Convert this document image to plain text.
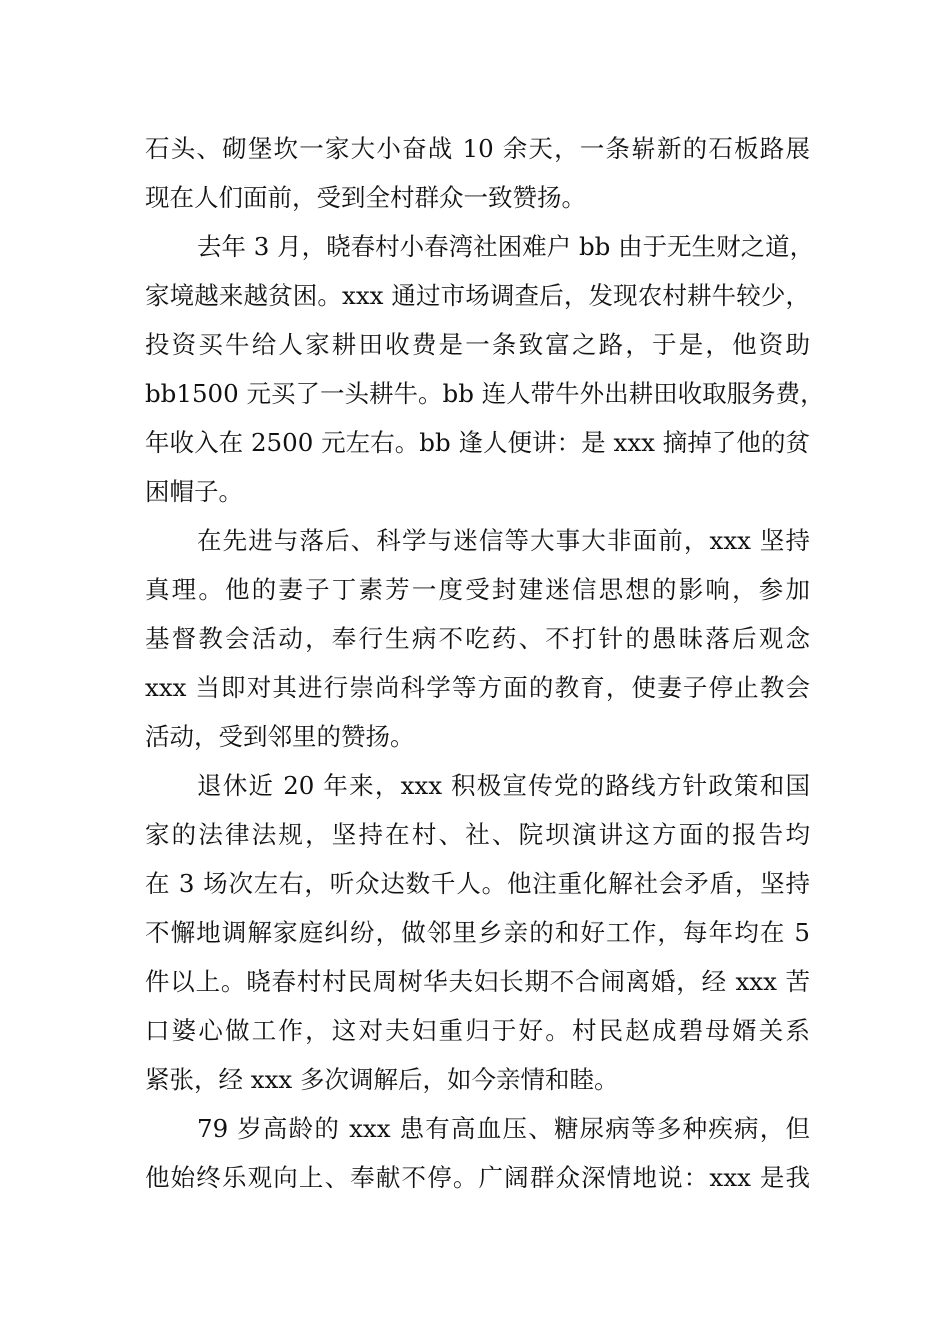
石头、砌堡坎一家大小奋战 10 余天，一条崭新的石板路展
现在人们面前，受到全村群众一致赞扬。
去年 3 月，晓春村小春湾社困难户 bb 由于无生财之道，
家境越来越贫困。xxx 通过市场调查后，发现农村耕牛较少，
投资买牛给人家耕田收费是一条致富之路，于是，他资助
bb1500 元买了一头耕牛。bb 连人带牛外出耕田收取服务费，
年收入在 2500 元左右。bb 逢人便讲：是 xxx 摘掉了他的贫
困帽子。
在先进与落后、科学与迷信等大事大非面前，xxx 坚持
真理。他的妻子丁素芳一度受封建迷信思想的影响，参加
基督教会活动，奉行生病不吃药、不打针的愚昧落后观念
xxx 当即对其进行崇尚科学等方面的教育，使妻子停止教会
活动，受到邻里的赞扬。
退休近 20 年来，xxx 积极宣传党的路线方针政策和国
家的法律法规，坚持在村、社、院坝演讲这方面的报告均
在 3 场次左右，听众达数千人。他注重化解社会矛盾，坚持
不懈地调解家庭纠纷，做邻里乡亲的和好工作，每年均在 5
件以上。晓春村村民周树华夫妇长期不合闹离婚，经 xxx 苦
口婆心做工作，这对夫妇重归于好。村民赵成碧母婿关系
紧张，经 xxx 多次调解后，如今亲情和睦。
79 岁高龄的 xxx 患有高血压、糖尿病等多种疾病，但
他始终乐观向上、奉献不停。广阔群众深情地说：xxx 是我
